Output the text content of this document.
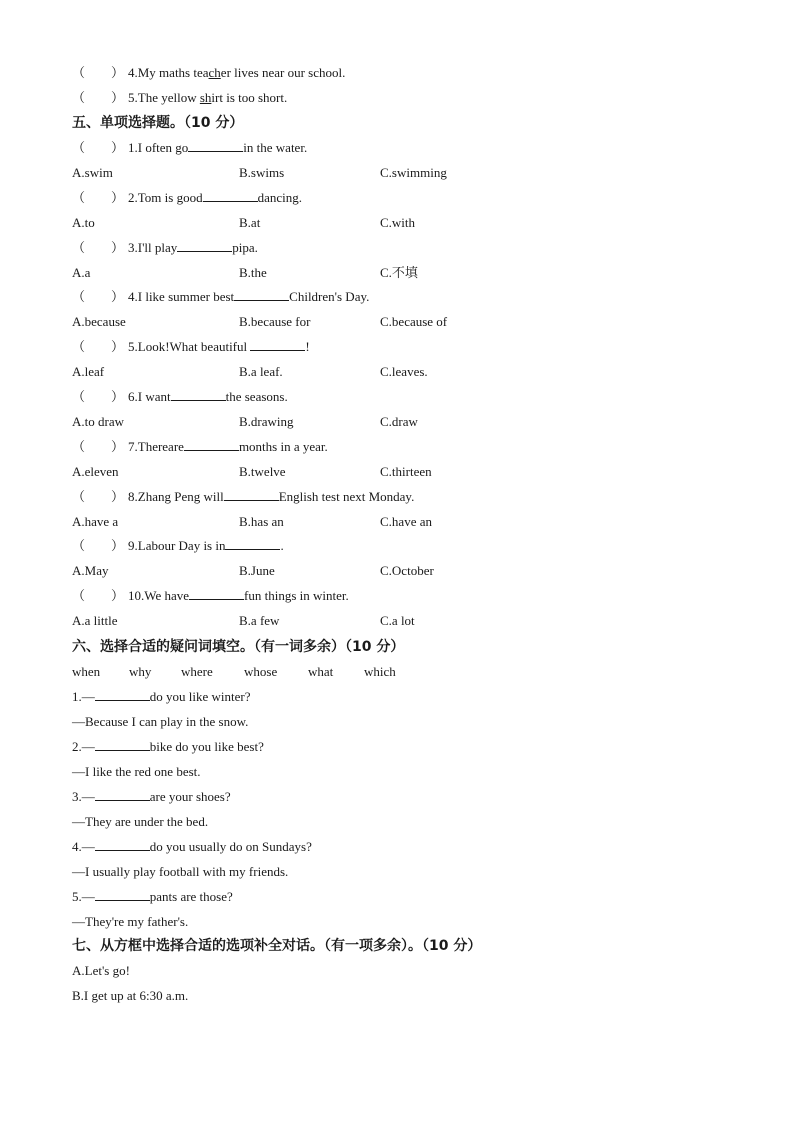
（　　） 4.My maths teacher lives near our school.
（　　） 5.The yellow shirt is too short.
五、单项选择题。（10 分）
（　　） 1.I often go	in the water.
A.swim	B.swims	C.swimming
（　　） 2.Tom is good	dancing.
A.to	B.at	C.with
（　　） 3.I'll play	pipa.
A.a	B.the	C.不填
（　　） 4.I like summer best	Children's Day.
A.because	B.because for	C.because of
（　　） 5.Look!What beautiful	!
A.leaf	B.a leaf.	C.leaves.
（　　） 6.I want	the seasons.
A.to draw	B.drawing	C.draw
（　　） 7.Thereare	months in a year.
A.eleven	B.twelve	C.thirteen
（　　） 8.Zhang Peng will	English test next Monday.
A.have a	B.has an	C.have an
（　　） 9.Labour Day is in	.
A.May	B.June	C.October
（　　） 10.We have	fun things in winter.
A.a little	B.a few	C.a lot
六、选择合适的疑问词填空。（有一词多余）（10 分）
when why where whose what which
1.—	do you like winter?
—Because I can play in the snow.
2.—	bike do you like best?
—I like the red one best.
3.—	are your shoes?
—They are under the bed.
4.—	do you usually do on Sundays?
—I usually play football with my friends.
5.—	pants are those?
—They're my father's.
七、从方框中选择合适的选项补全对话。（有一项多余）。（10 分）
A.Let's go!
B.I get up at 6:30 a.m.
